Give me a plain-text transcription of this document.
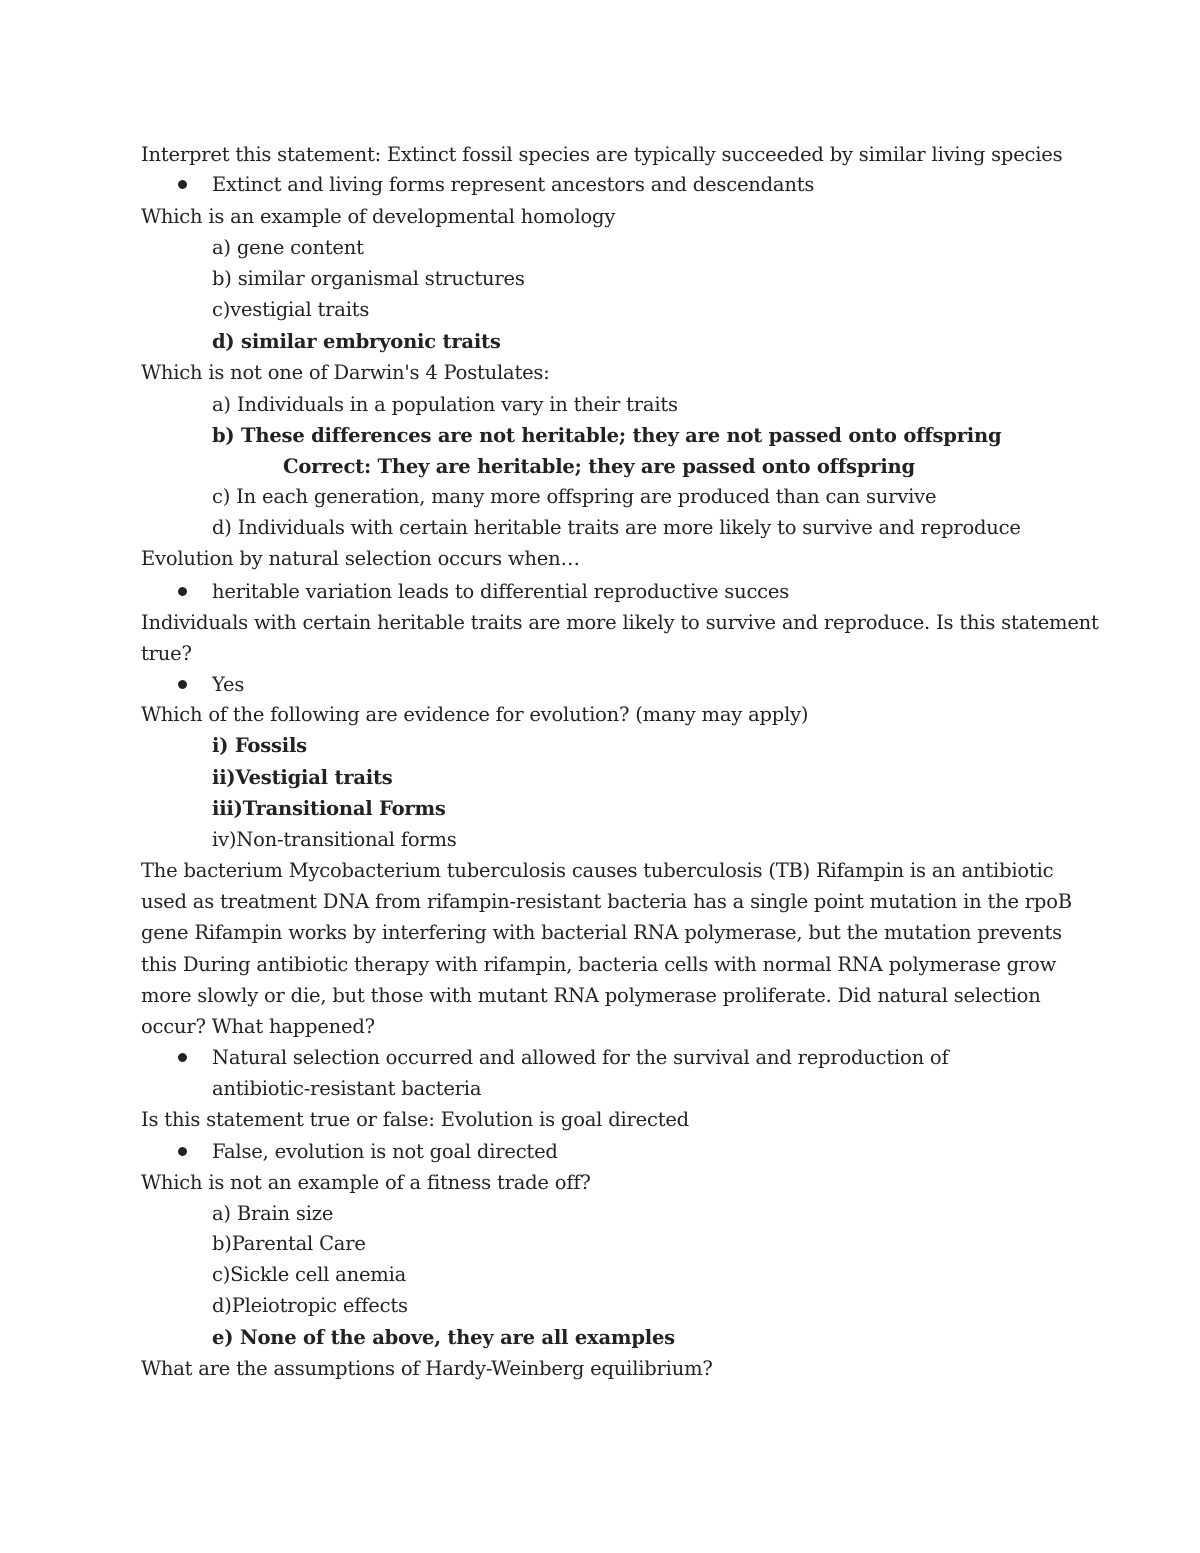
Interpret this statement: Extinct fossil species are typically succeeded by similar living species
Extinct and living forms represent ancestors and descendants
Which is an example of developmental homology
a) gene content
b) similar organismal structures
c)vestigial traits
d) similar embryonic traits
Which is not one of Darwin's 4 Postulates:
a) Individuals in a population vary in their traits
b) These differences are not heritable; they are not passed onto offspring
Correct: They are heritable; they are passed onto offspring
c) In each generation, many more offspring are produced than can survive
d) Individuals with certain heritable traits are more likely to survive and reproduce
Evolution by natural selection occurs when…
heritable variation leads to differential reproductive succes
Individuals with certain heritable traits are more likely to survive and reproduce. Is this statement
true?
Yes
Which of the following are evidence for evolution? (many may apply)
i) Fossils
ii)Vestigial traits
iii)Transitional Forms
iv)Non-transitional forms
The bacterium Mycobacterium tuberculosis causes tuberculosis (TB) Rifampin is an antibiotic
used as treatment DNA from rifampin-resistant bacteria has a single point mutation in the rpoB
gene Rifampin works by interfering with bacterial RNA polymerase, but the mutation prevents
this During antibiotic therapy with rifampin, bacteria cells with normal RNA polymerase grow
more slowly or die, but those with mutant RNA polymerase proliferate. Did natural selection
occur? What happened?
Natural selection occurred and allowed for the survival and reproduction of
antibiotic-resistant bacteria
Is this statement true or false: Evolution is goal directed
False, evolution is not goal directed
Which is not an example of a fitness trade off?
a) Brain size
b)Parental Care
c)Sickle cell anemia
d)Pleiotropic effects
e) None of the above, they are all examples
What are the assumptions of Hardy-Weinberg equilibrium?
